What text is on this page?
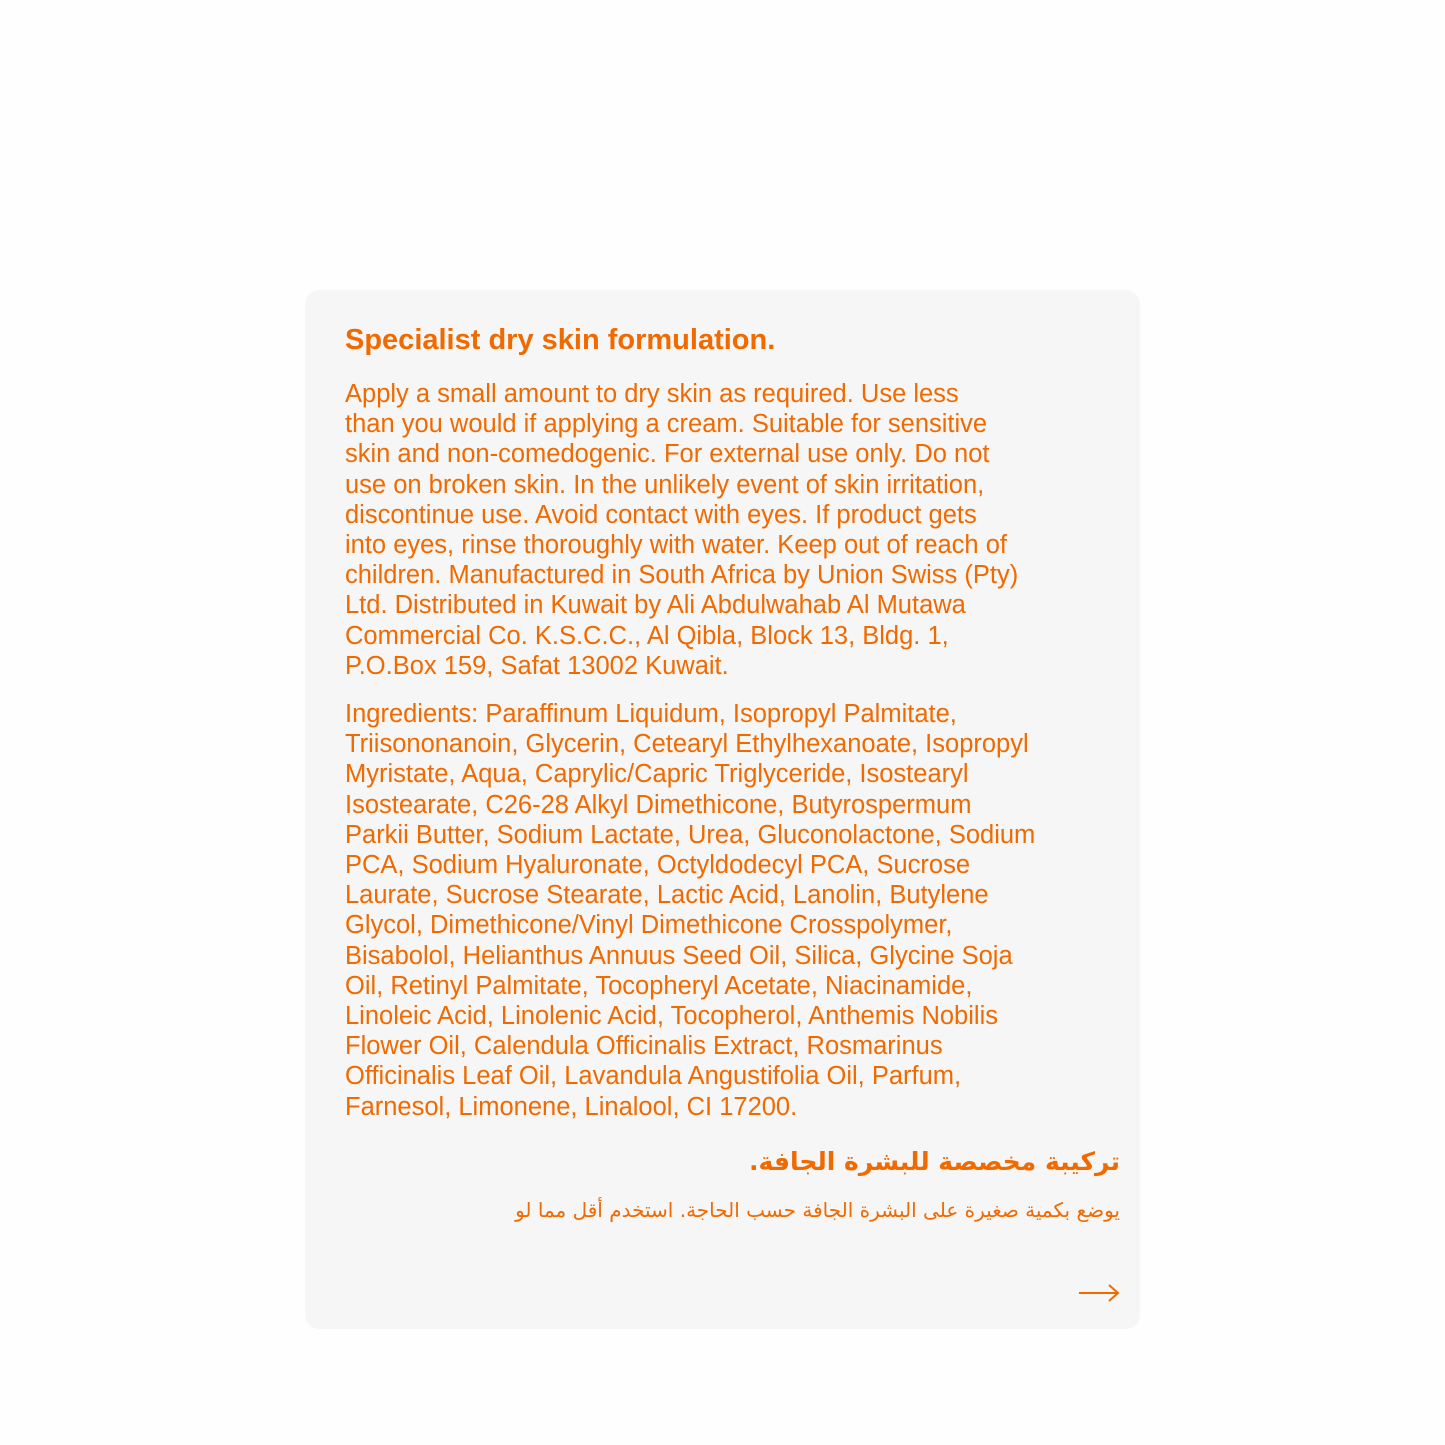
Specialist dry skin formulation.

Apply a small amount to dry skin as required. Use less
than you would if applying a cream. Suitable for sensitive
skin and non-comedogenic. For external use only. Do not
use on broken skin. In the unlikely event of skin irritation,
discontinue use. Avoid contact with eyes. If product gets
into eyes, rinse thoroughly with water. Keep out of reach of
children. Manufactured in South Africa by Union Swiss (Pty)
Ltd. Distributed in Kuwait by Ali Abdulwahab Al Mutawa
Commercial Co. K.S.C.C., Al Qibla, Block 13, Bldg. 1,
P.O.Box 159, Safat 13002 Kuwait.

Ingredients: Paraffinum Liquidum, Isopropyl Palmitate,
Triisononanoin, Glycerin, Cetearyl Ethylhexanoate, Isopropyl
Myristate, Aqua, Caprylic/Capric Triglyceride, Isostearyl
Isostearate, C26-28 Alkyl Dimethicone, Butyrospermum
Parkii Butter, Sodium Lactate, Urea, Gluconolactone, Sodium
PCA, Sodium Hyaluronate, Octyldodecyl PCA, Sucrose
Laurate, Sucrose Stearate, Lactic Acid, Lanolin, Butylene
Glycol, Dimethicone/Vinyl Dimethicone Crosspolymer,
Bisabolol, Helianthus Annuus Seed Oil, Silica, Glycine Soja
Oil, Retinyl Palmitate, Tocopheryl Acetate, Niacinamide,
Linoleic Acid, Linolenic Acid, Tocopherol, Anthemis Nobilis
Flower Oil, Calendula Officinalis Extract, Rosmarinus
Officinalis Leaf Oil, Lavandula Angustifolia Oil, Parfum,
Farnesol, Limonene, Linalool, CI 17200.

تركيبة مخصصة للبشرة الجافة.

يوضع بكمية صغيرة على البشرة الجافة حسب الحاجة. استخدم أقل مما لو
